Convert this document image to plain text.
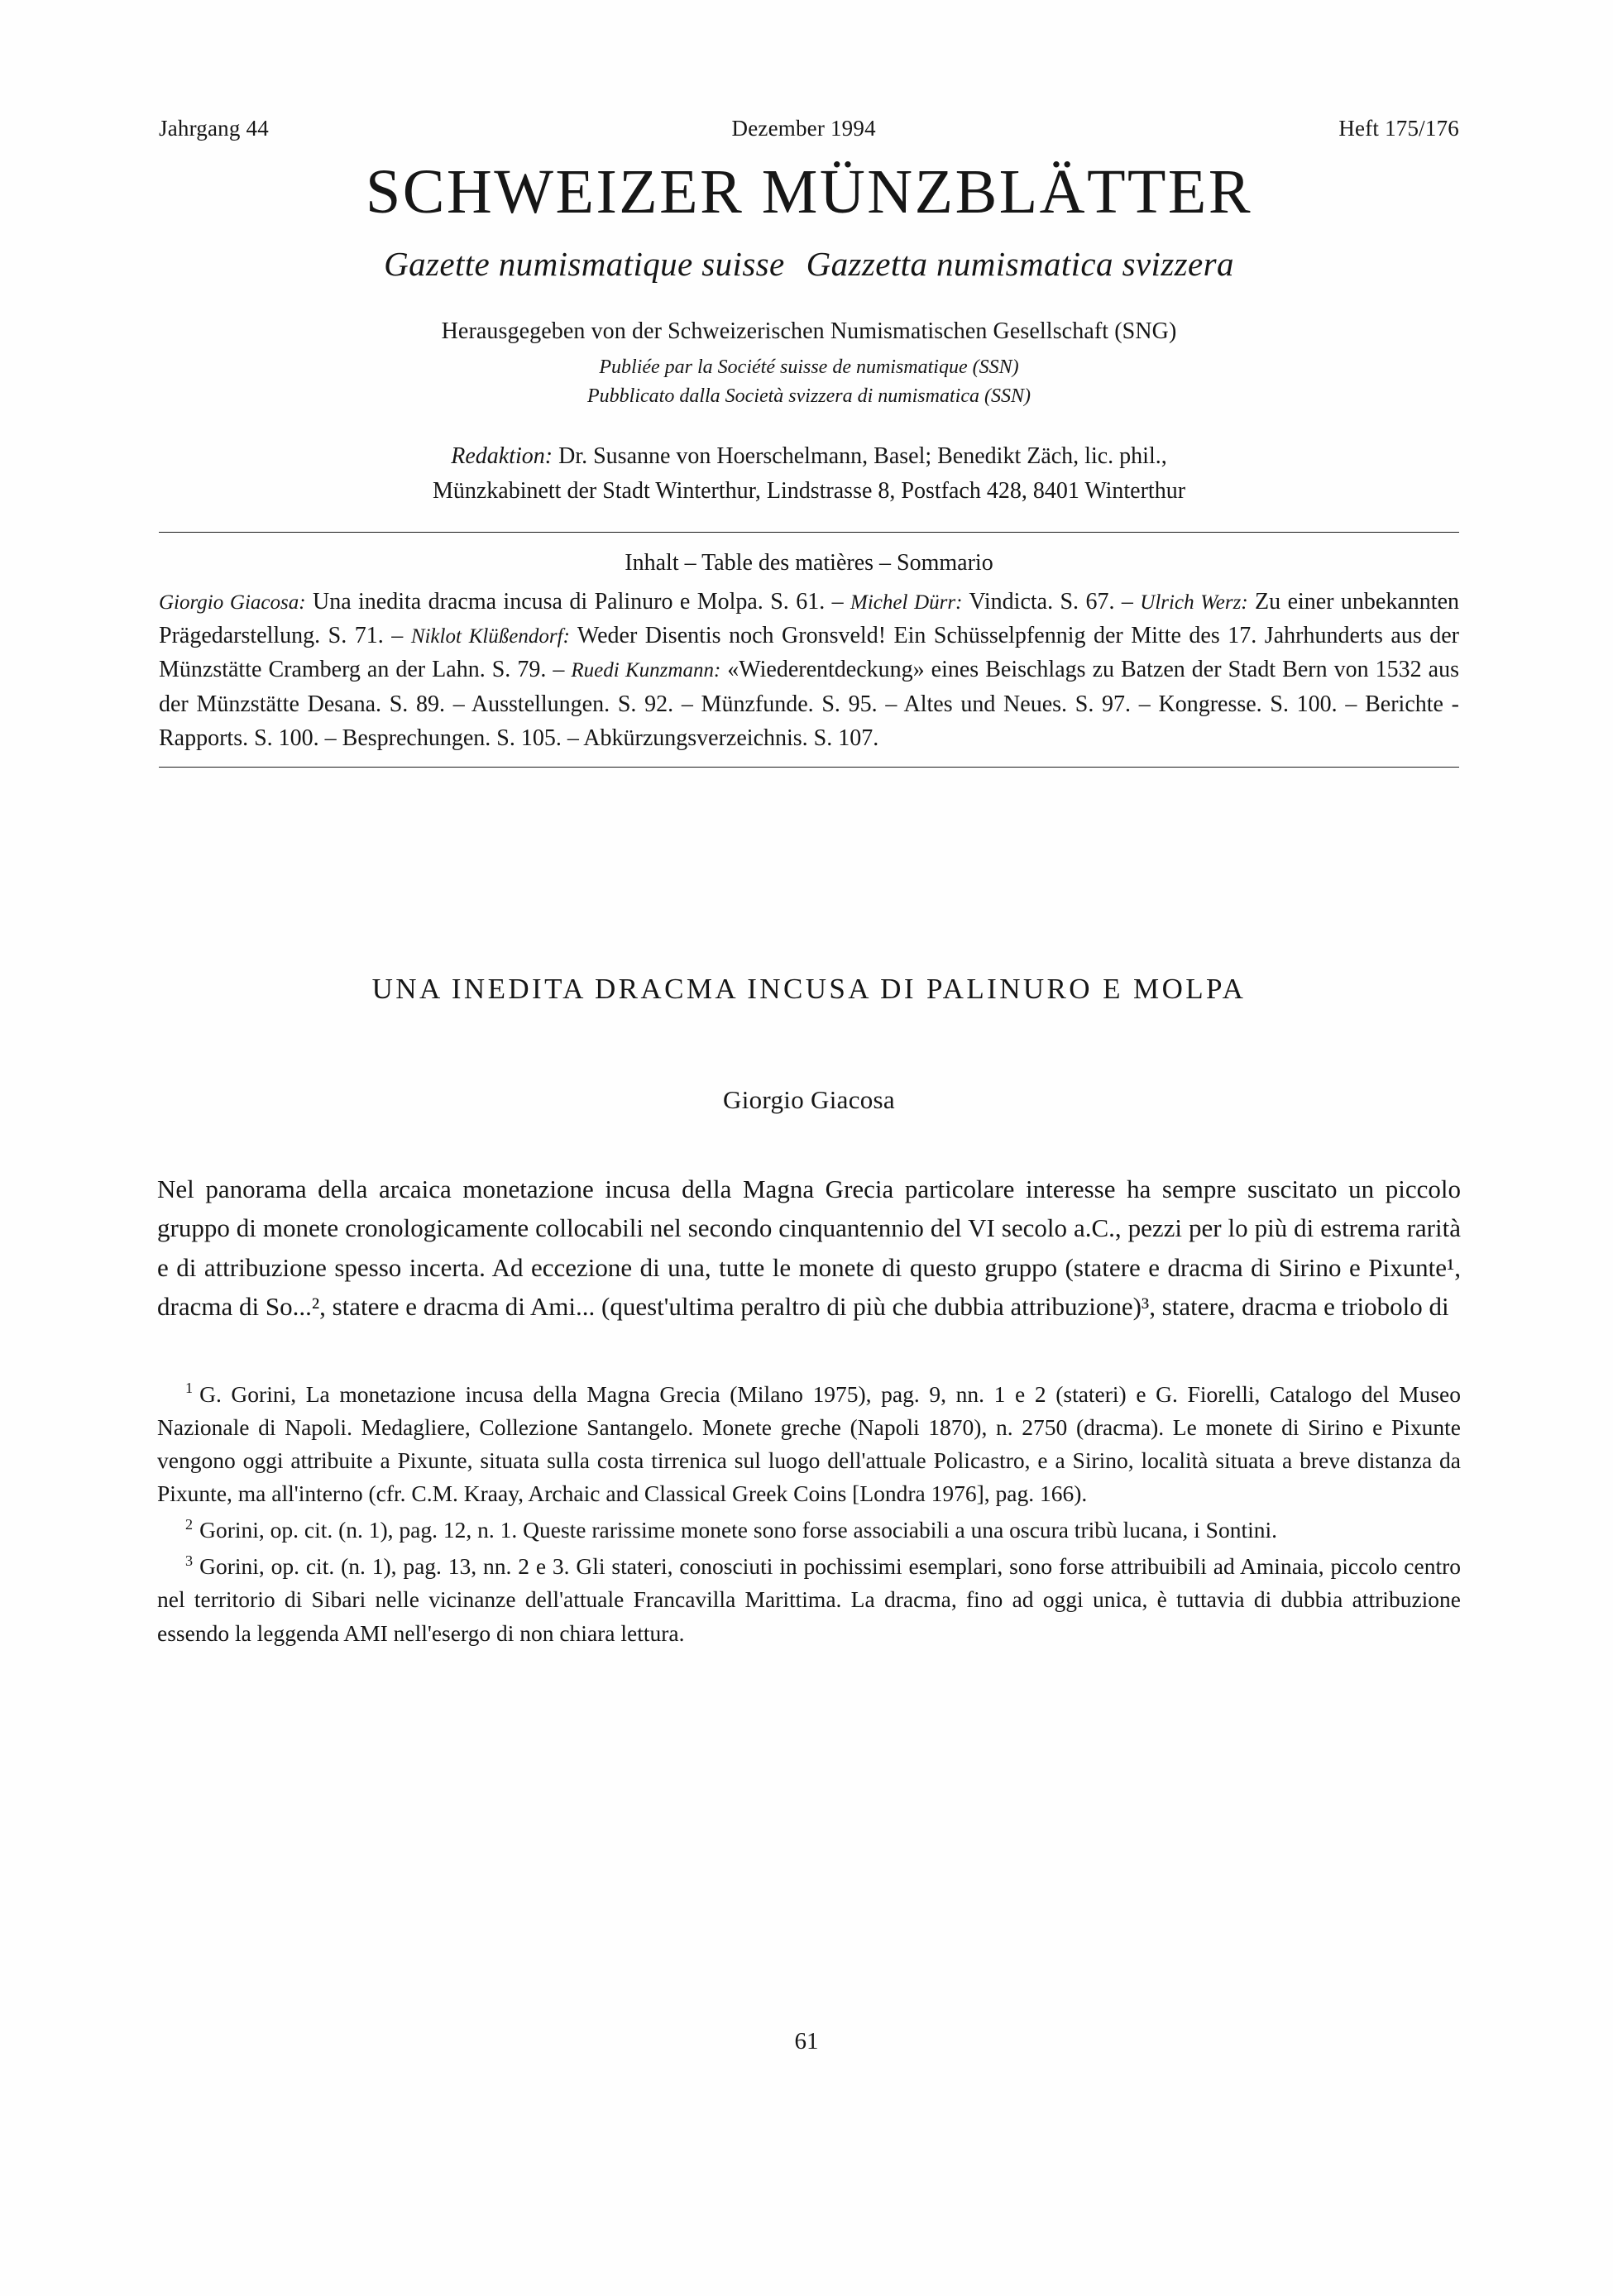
Jahrgang 44	Dezember 1994	Heft 175/176
SCHWEIZER MÜNZBLÄTTER
Gazette numismatique suisse Gazzetta numismatica svizzera
Herausgegeben von der Schweizerischen Numismatischen Gesellschaft (SNG)
Publiée par la Société suisse de numismatique (SSN)
Pubblicato dalla Società svizzera di numismatica (SSN)
Redaktion: Dr. Susanne von Hoerschelmann, Basel; Benedikt Zäch, lic. phil.,
Münzkabinett der Stadt Winterthur, Lindstrasse 8, Postfach 428, 8401 Winterthur
Inhalt – Table des matières – Sommario
Giorgio Giacosa: Una inedita dracma incusa di Palinuro e Molpa. S. 61. – Michel Dürr: Vindicta. S. 67. – Ulrich Werz: Zu einer unbekannten Prägedarstellung. S. 71. – Niklot Klüßendorf: Weder Disentis noch Gronsveld! Ein Schüsselpfennig der Mitte des 17. Jahrhunderts aus der Münzstätte Cramberg an der Lahn. S. 79. – Ruedi Kunzmann: «Wiederentdeckung» eines Beischlags zu Batzen der Stadt Bern von 1532 aus der Münzstätte Desana. S. 89. – Ausstellungen. S. 92. – Münzfunde. S. 95. – Altes und Neues. S. 97. – Kongresse. S. 100. – Berichte - Rapports. S. 100. – Besprechungen. S. 105. – Abkürzungsverzeichnis. S. 107.
UNA INEDITA DRACMA INCUSA DI PALINURO E MOLPA
Giorgio Giacosa

Nel panorama della arcaica monetazione incusa della Magna Grecia particolare interesse ha sempre suscitato un piccolo gruppo di monete cronologicamente collocabili nel secondo cinquantennio del VI secolo a.C., pezzi per lo più di estrema rarità e di attribuzione spesso incerta. Ad eccezione di una, tutte le monete di questo gruppo (statere e dracma di Sirino e Pixunte¹, dracma di So...², statere e dracma di Ami... (quest'ultima peraltro di più che dubbia attribuzione)³, statere, dracma e triobolo di

$^1$ G. Gorini, La monetazione incusa della Magna Grecia (Milano 1975), pag. 9, nn. 1 e 2 (stateri) e G. Fiorelli, Catalogo del Museo Nazionale di Napoli. Medagliere, Collezione Santangelo. Monete greche (Napoli 1870), n. 2750 (dracma). Le monete di Sirino e Pixunte vengono oggi attribuite a Pixunte, situata sulla costa tirrenica sul luogo dell'attuale Policastro, e a Sirino, località situata a breve distanza da Pixunte, ma all'interno (cfr. C.M. Kraay, Archaic and Classical Greek Coins [Londra 1976], pag. 166).
$^2$ Gorini, op. cit. (n. 1), pag. 12, n. 1. Queste rarissime monete sono forse associabili a una oscura tribù lucana, i Sontini.
$^3$ Gorini, op. cit. (n. 1), pag. 13, nn. 2 e 3. Gli stateri, conosciuti in pochissimi esemplari, sono forse attribuibili ad Aminaia, piccolo centro nel territorio di Sibari nelle vicinanze dell'attuale Francavilla Marittima. La dracma, fino ad oggi unica, è tuttavia di dubbia attribuzione essendo la leggenda AMI nell'esergo di non chiara lettura.
61
